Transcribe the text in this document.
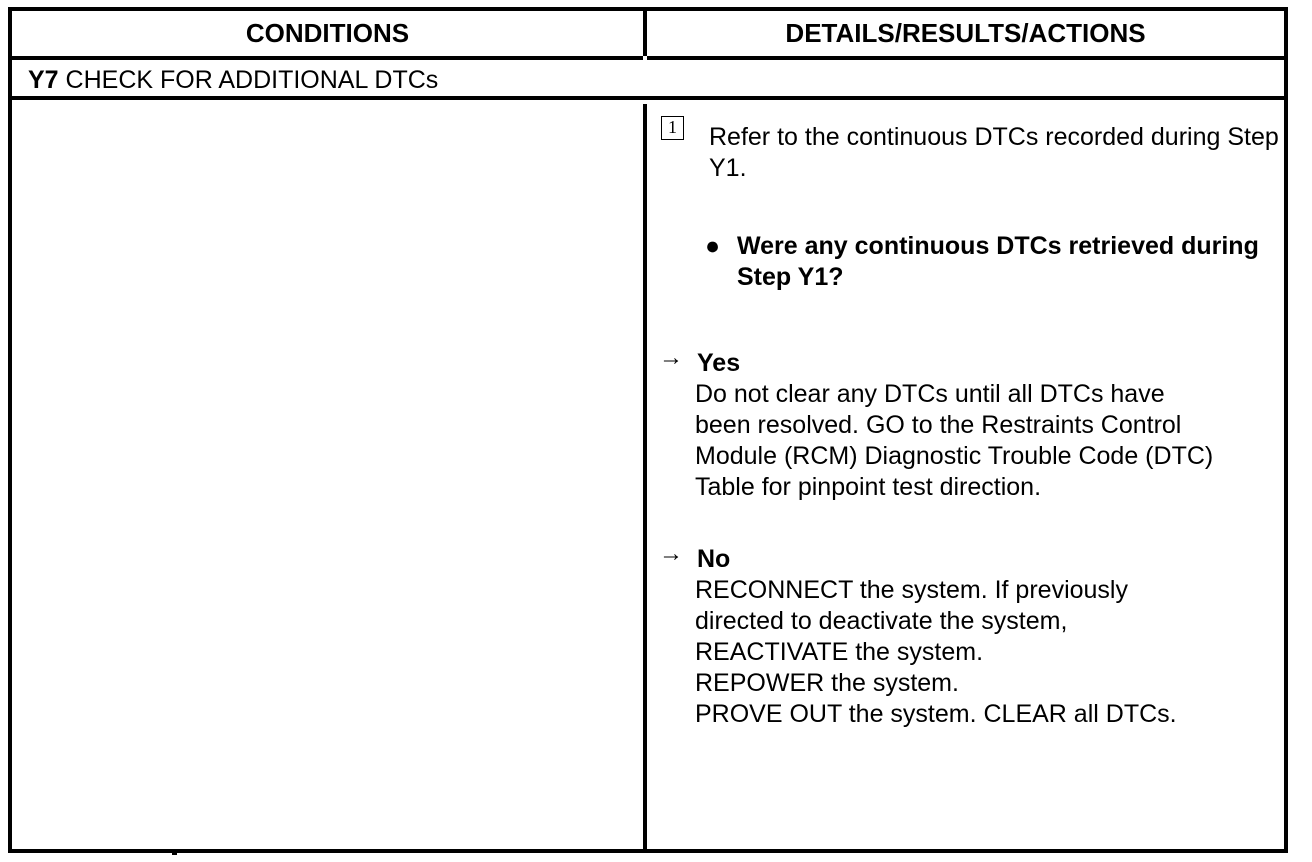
CONDITIONS	DETAILS/RESULTS/ACTIONS
Y7 CHECK FOR ADDITIONAL DTCs
1 Refer to the continuous DTCs recorded during Step Y1.
● Were any continuous DTCs retrieved during Step Y1?
→ Yes
Do not clear any DTCs until all DTCs have
been resolved. GO to the Restraints Control
Module (RCM) Diagnostic Trouble Code (DTC)
Table for pinpoint test direction.
→ No
RECONNECT the system. If previously
directed to deactivate the system,
REACTIVATE the system.
REPOWER the system.
PROVE OUT the system. CLEAR all DTCs.
